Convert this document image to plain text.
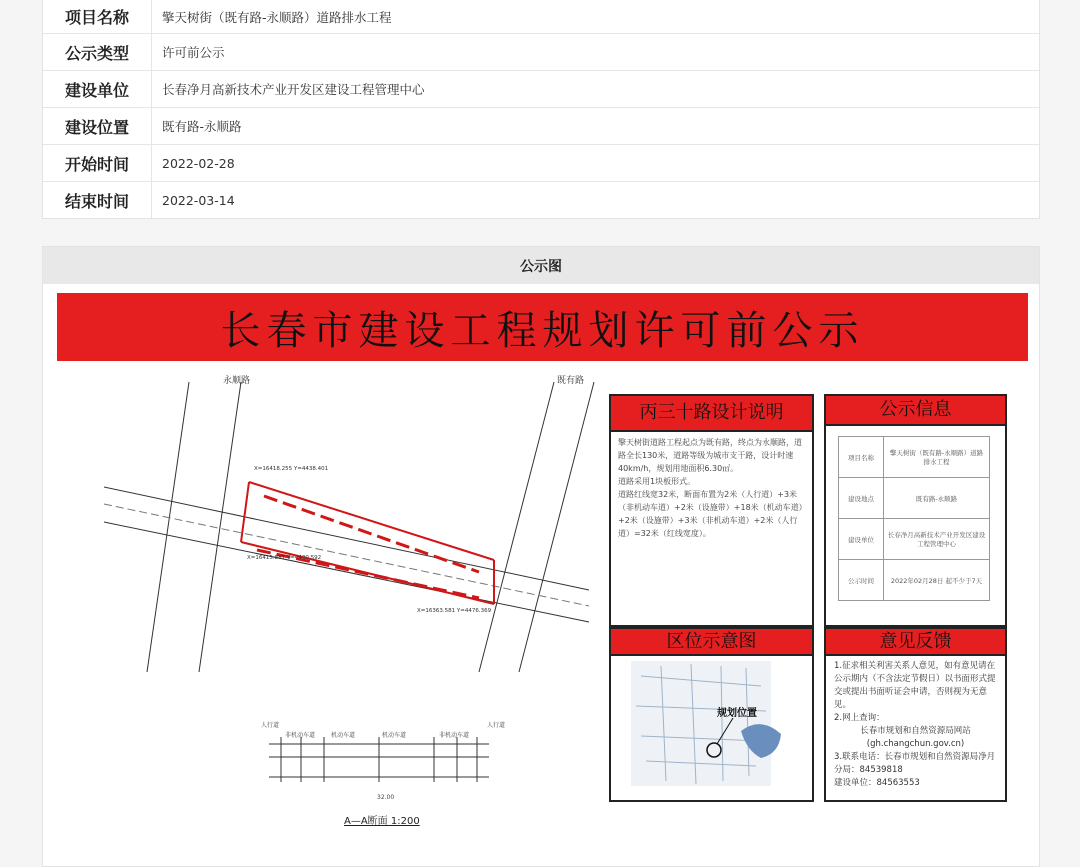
项目名称	擎天树街（既有路-永顺路）道路排水工程
公示类型	许可前公示
建设单位	长春净月高新技术产业开发区建设工程管理中心
建设位置	既有路-永顺路
开始时间	2022-02-28
结束时间	2022-03-14
公示图
长春市建设工程规划许可前公示
永顺路	既有路
X=16418.255 Y=4438.401
X=16415.887 Y=4430.592
X=16363.581 Y=4476.369
人行道
非机动车道	机动车道	机动车道	非机动车道
人行道
32.00
A—A断面 1:200
丙三十路设计说明

擎天树街道路工程起点为既有路，终点为永顺路，道路全长130米，道路等级为城市支干路，设计时速40km/h，规划用地面积6.30㎡。

道路采用1块板形式。

道路红线宽32米，断面布置为2米（人行道）+3米（非机动车道）+2米（设施带）+18米（机动车道）+2米（设施带）+3米（非机动车道）+2米（人行道）=32米（红线宽度）。

公示信息
项目名称	擎天树街（既有路-永顺路）道路排水工程
建设地点	既有路-永顺路
建设单位	长春净月高新技术产业开发区建设工程管理中心
公示时间	2022年02月28日 起不少于7天
区位示意图
规划位置
意见反馈

1.征求相关利害关系人意见，如有意见请在公示期内（不含法定节假日）以书面形式提交或提出书面听证会申请，否则视为无意见。

2.网上查询：

长春市规划和自然资源局网站

(gh.changchun.gov.cn)

3.联系电话：长春市规划和自然资源局净月分局：84539818

建设单位：84563553
